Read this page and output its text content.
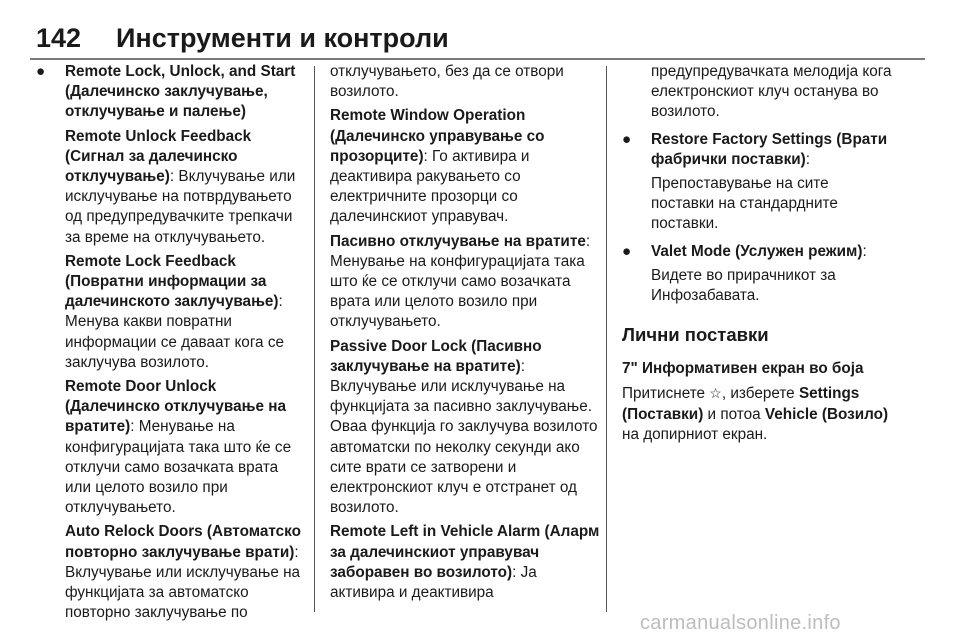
142 Инструменти и контроли
● Remote Lock, Unlock, and Start (Далечинско заклучување, отклучување и палење)
Remote Unlock Feedback (Сигнал за далечинско отклучување): Вклучување или исклучување на потврдувањето од предупредувачките трепкачи за време на отклучувањето.
Remote Lock Feedback (Повратни информации за далечинското заклучување): Менува какви повратни информации се даваат кога се заклучува возилото.
Remote Door Unlock (Далечинско отклучување на вратите): Менување на конфигурацијата така што ќе се отклучи само возачката врата или целото возило при отклучувањето.
Auto Relock Doors (Автоматско повторно заклучување врати): Вклучување или исклучување на функцијата за автоматско повторно заклучување по
отклучувањето, без да се отвори возилото.
Remote Window Operation (Далечинско управување со прозорците): Го активира и деактивира ракувањето со електричните прозорци со далечинскиот управувач.
Пасивно отклучување на вратите: Менување на конфигурацијата така што ќе се отклучи само возачката врата или целото возило при отклучувањето.
Passive Door Lock (Пасивно заклучување на вратите): Вклучување или исклучување на функцијата за пасивно заклучување. Оваа функција го заклучува возилото автоматски по неколку секунди ако сите врати се затворени и електронскиот клуч е отстранет од возилото.
Remote Left in Vehicle Alarm (Аларм за далечинскиот управувач заборавен во возилото): Ја активира и деактивира
предупредувачката мелодија кога електронскиот клуч останува во возилото.
● Restore Factory Settings (Врати фабрички поставки):
Препоставување на сите поставки на стандардните поставки.
● Valet Mode (Услужен режим):
Видете во прирачникот за Инфозабавата.
Лични поставки
7" Информативен екран во боја
Притиснете ☆, изберете Settings (Поставки) и потоа Vehicle (Возило) на допирниот екран.
carmanualsonline.info
